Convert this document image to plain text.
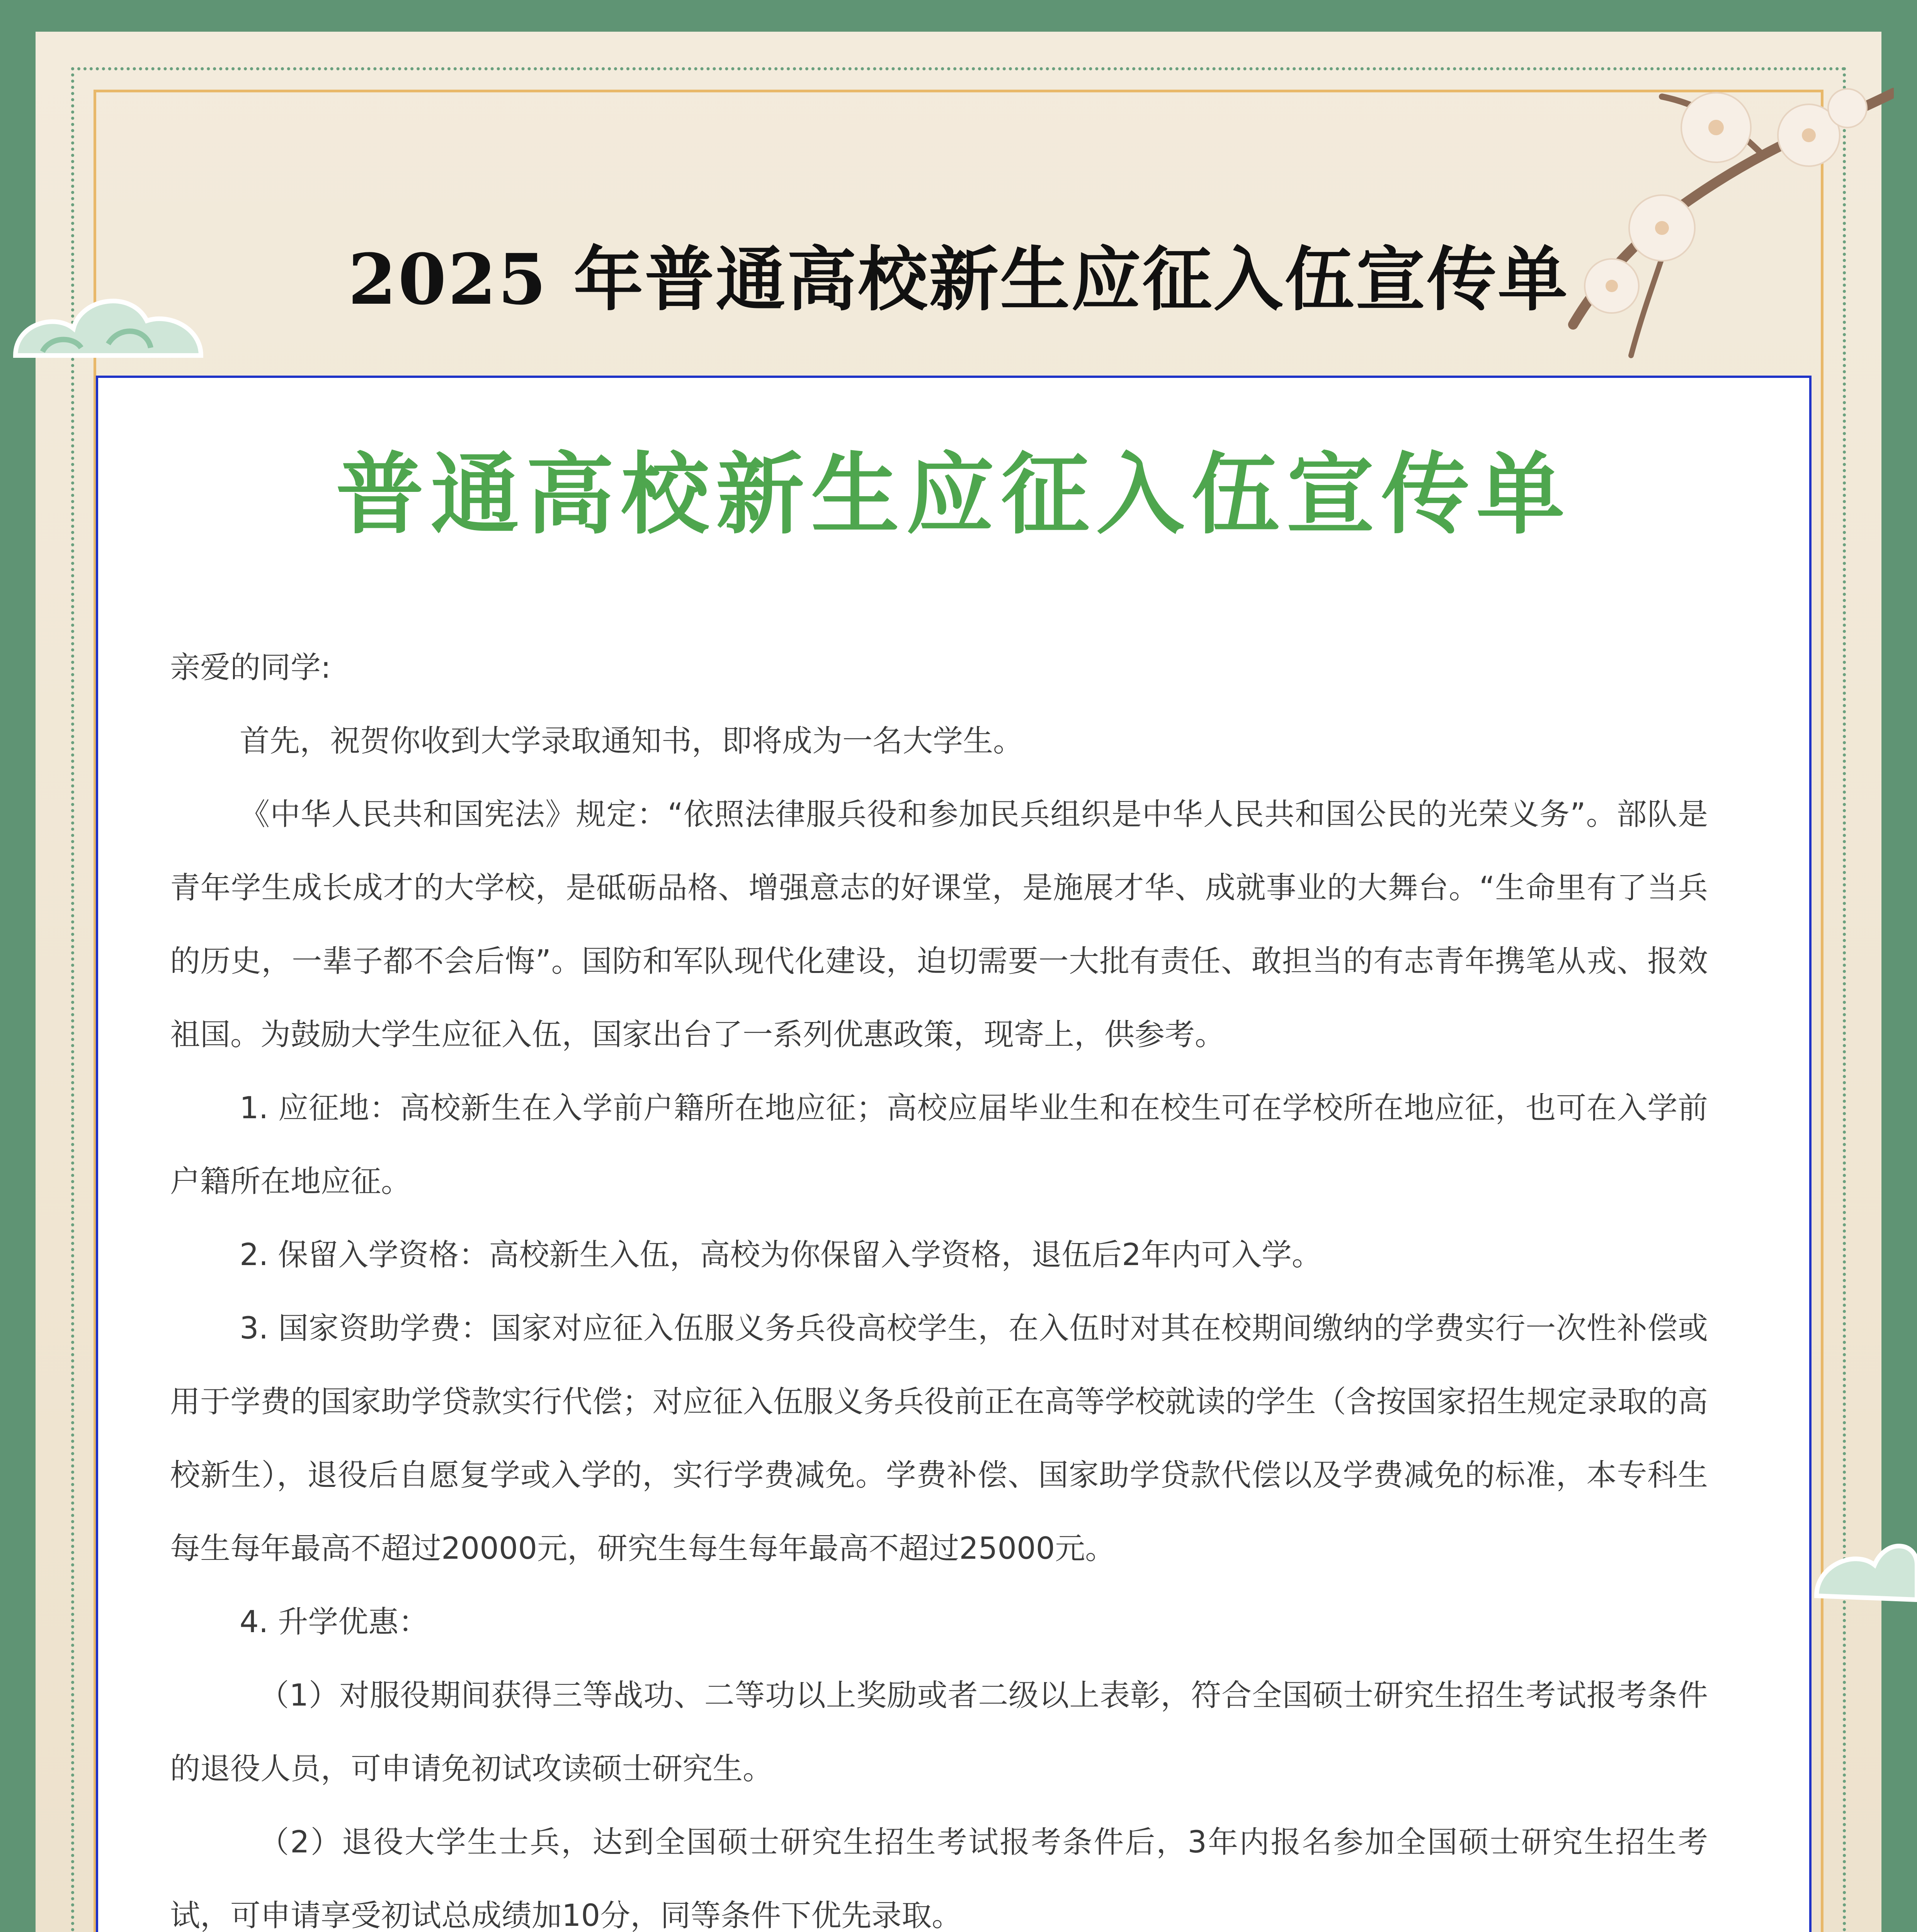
2025 年普通高校新生应征入伍宣传单
普通高校新生应征入伍宣传单

亲爱的同学:

首先，祝贺你收到大学录取通知书，即将成为一名大学生。

《中华人民共和国宪法》规定：“依照法律服兵役和参加民兵组织是中华人民共和国公民的光荣义务”。部队是青年学生成长成才的大学校，是砥砺品格、增强意志的好课堂，是施展才华、成就事业的大舞台。“生命里有了当兵的历史，一辈子都不会后悔”。国防和军队现代化建设，迫切需要一大批有责任、敢担当的有志青年携笔从戎、报效祖国。为鼓励大学生应征入伍，国家出台了一系列优惠政策，现寄上，供参考。

1. 应征地：高校新生在入学前户籍所在地应征；高校应届毕业生和在校生可在学校所在地应征，也可在入学前户籍所在地应征。

2. 保留入学资格：高校新生入伍，高校为你保留入学资格，退伍后2年内可入学。

3. 国家资助学费：国家对应征入伍服义务兵役高校学生，在入伍时对其在校期间缴纳的学费实行一次性补偿或用于学费的国家助学贷款实行代偿；对应征入伍服义务兵役前正在高等学校就读的学生（含按国家招生规定录取的高校新生），退役后自愿复学或入学的，实行学费减免。学费补偿、国家助学贷款代偿以及学费减免的标准，本专科生每生每年最高不超过20000元，研究生每生每年最高不超过25000元。

4. 升学优惠：

（1）对服役期间获得三等战功、二等功以上奖励或者二级以上表彰，符合全国硕士研究生招生考试报考条件的退役人员，可申请免初试攻读硕士研究生。

（2）退役大学生士兵，达到全国硕士研究生招生考试报考条件后，3年内报名参加全国硕士研究生招生考试，可申请享受初试总成绩加10分，同等条件下优先录取。
